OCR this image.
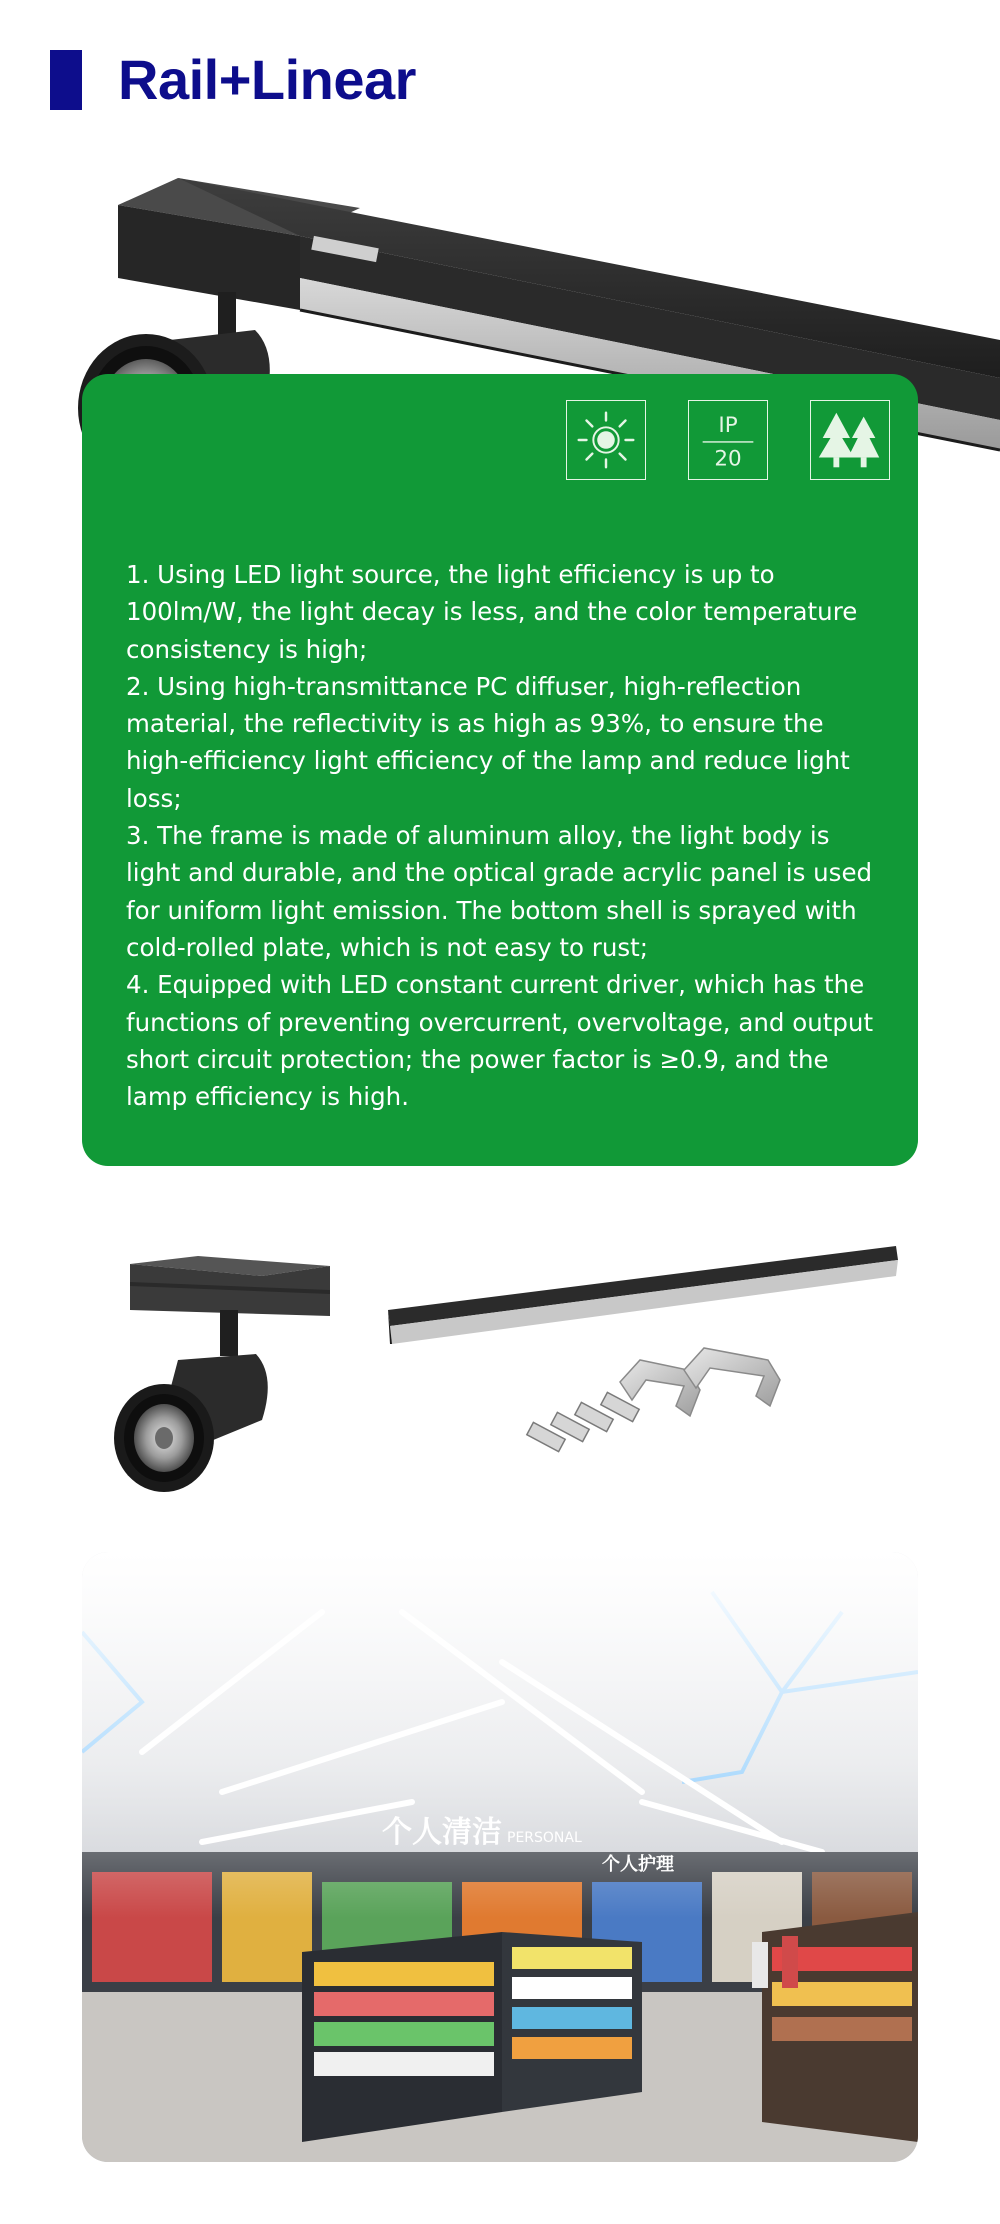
Rail+Linear
IP
20

1. Using LED light source, the light efficiency is up to 100lm/W, the light decay is less, and the color temperature consistency is high;

2. Using high-transmittance PC diffuser, high-reflection material, the reflectivity is as high as 93%, to ensure the high-efficiency light efficiency of the lamp and reduce light loss;

3. The frame is made of aluminum alloy, the light body is light and durable, and the optical grade acrylic panel is used for uniform light emission. The bottom shell is sprayed with cold-rolled plate, which is not easy to rust;

4. Equipped with LED constant current driver, which has the functions of preventing overcurrent, overvoltage, and output short circuit protection; the power factor is ≥0.9, and the lamp efficiency is high.
